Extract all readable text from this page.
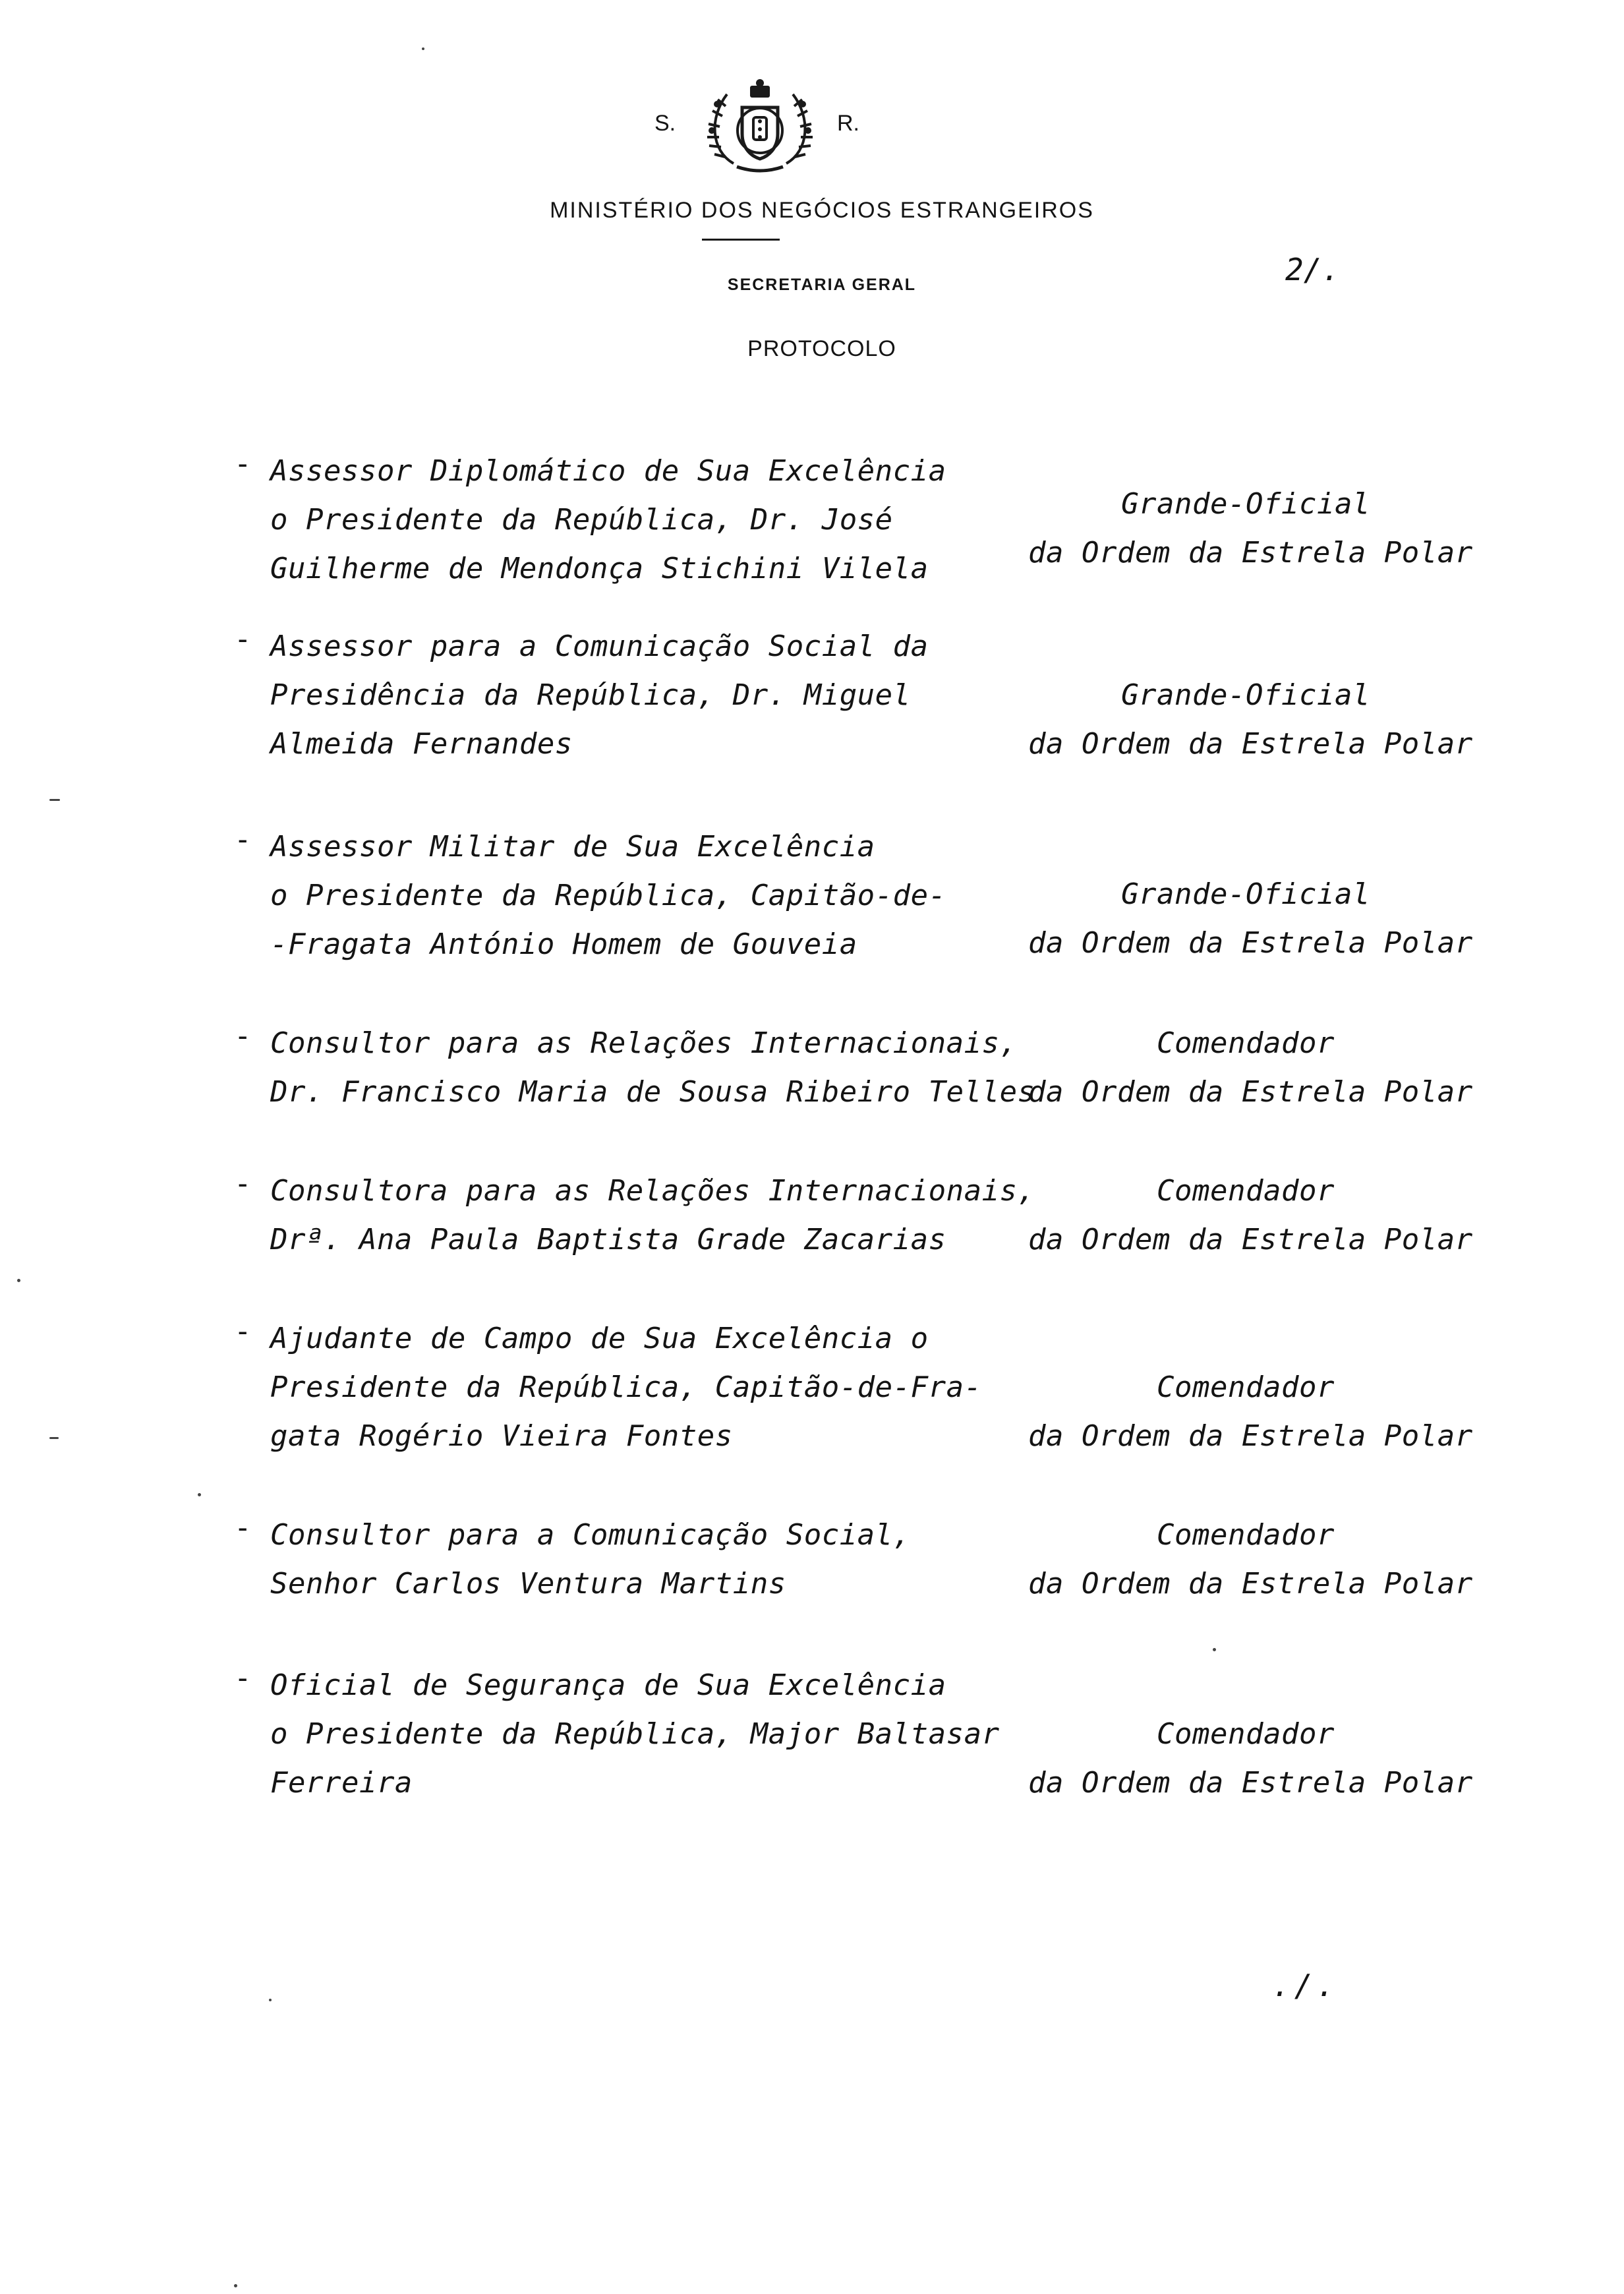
S.	R.
MINISTÉRIO DOS NEGÓCIOS ESTRANGEIROS
SECRETARIA GERAL	2/.
PROTOCOLO
- Assessor Diplomático de Sua Excelência
o Presidente da República, Dr. José
Guilherme de Mendonça Stichini Vilela
Grande-Oficial
da Ordem da Estrela Polar
- Assessor para a Comunicação Social da
Presidência da República, Dr. Miguel
Almeida Fernandes
Grande-Oficial
da Ordem da Estrela Polar
- Assessor Militar de Sua Excelência
o Presidente da República, Capitão-de-
-Fragata António Homem de Gouveia
Grande-Oficial
da Ordem da Estrela Polar
- Consultor para as Relações Internacionais,
Dr. Francisco Maria de Sousa Ribeiro Telles
Comendador
da Ordem da Estrela Polar
- Consultora para as Relações Internacionais,
Drª. Ana Paula Baptista Grade Zacarias
Comendador
da Ordem da Estrela Polar
- Ajudante de Campo de Sua Excelência o
Presidente da República, Capitão-de-Fra-
gata Rogério Vieira Fontes
Comendador
da Ordem da Estrela Polar
- Consultor para a Comunicação Social,
Senhor Carlos Ventura Martins
Comendador
da Ordem da Estrela Polar
- Oficial de Segurança de Sua Excelência
o Presidente da República, Major Baltasar
Ferreira
Comendador
da Ordem da Estrela Polar
./.
